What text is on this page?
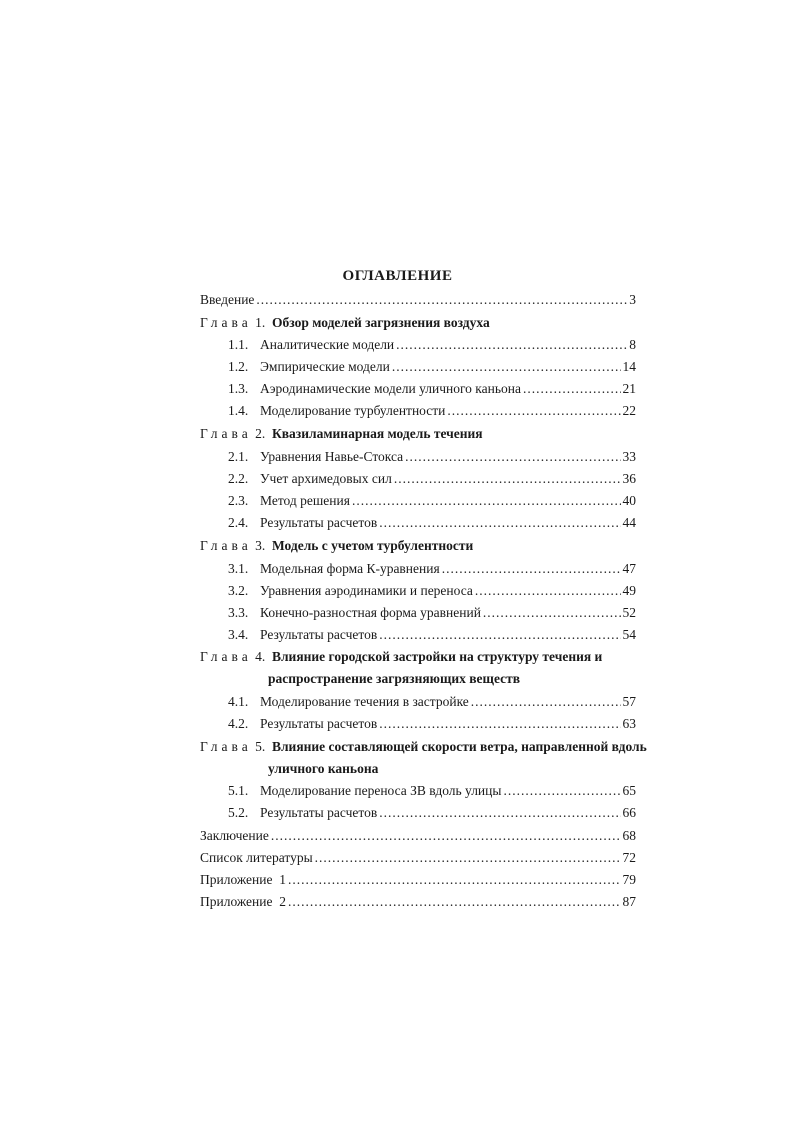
ОГЛАВЛЕНИЕ
Введение .....	3
Глава 1. Обзор моделей загрязнения воздуха
1.1. Аналитические модели .....	8
1.2. Эмпирические модели .....	14
1.3. Аэродинамические модели уличного каньона .....	21
1.4. Моделирование турбулентности .....	22
Глава 2. Квазиламинарная модель течения
2.1. Уравнения Навье-Стокса .....	33
2.2. Учет архимедовых сил .....	36
2.3. Метод решения .....	40
2.4. Результаты расчетов .....	44
Глава 3. Модель с учетом турбулентности
3.1. Модельная форма К-уравнения .....	47
3.2. Уравнения аэродинамики и переноса .....	49
3.3. Конечно-разностная форма уравнений .....	52
3.4. Результаты расчетов .....	54
Глава 4. Влияние городской застройки на структуру течения и
распространение загрязняющих веществ
4.1. Моделирование течения в застройке .....	57
4.2. Результаты расчетов .....	63
Глава 5. Влияние составляющей скорости ветра, направленной вдоль
уличного каньона
5.1. Моделирование переноса ЗВ вдоль улицы .....	65
5.2. Результаты расчетов .....	66
Заключение .....	68
Список литературы .....	72
Приложение  1 .....	79
Приложение  2 .....	87
